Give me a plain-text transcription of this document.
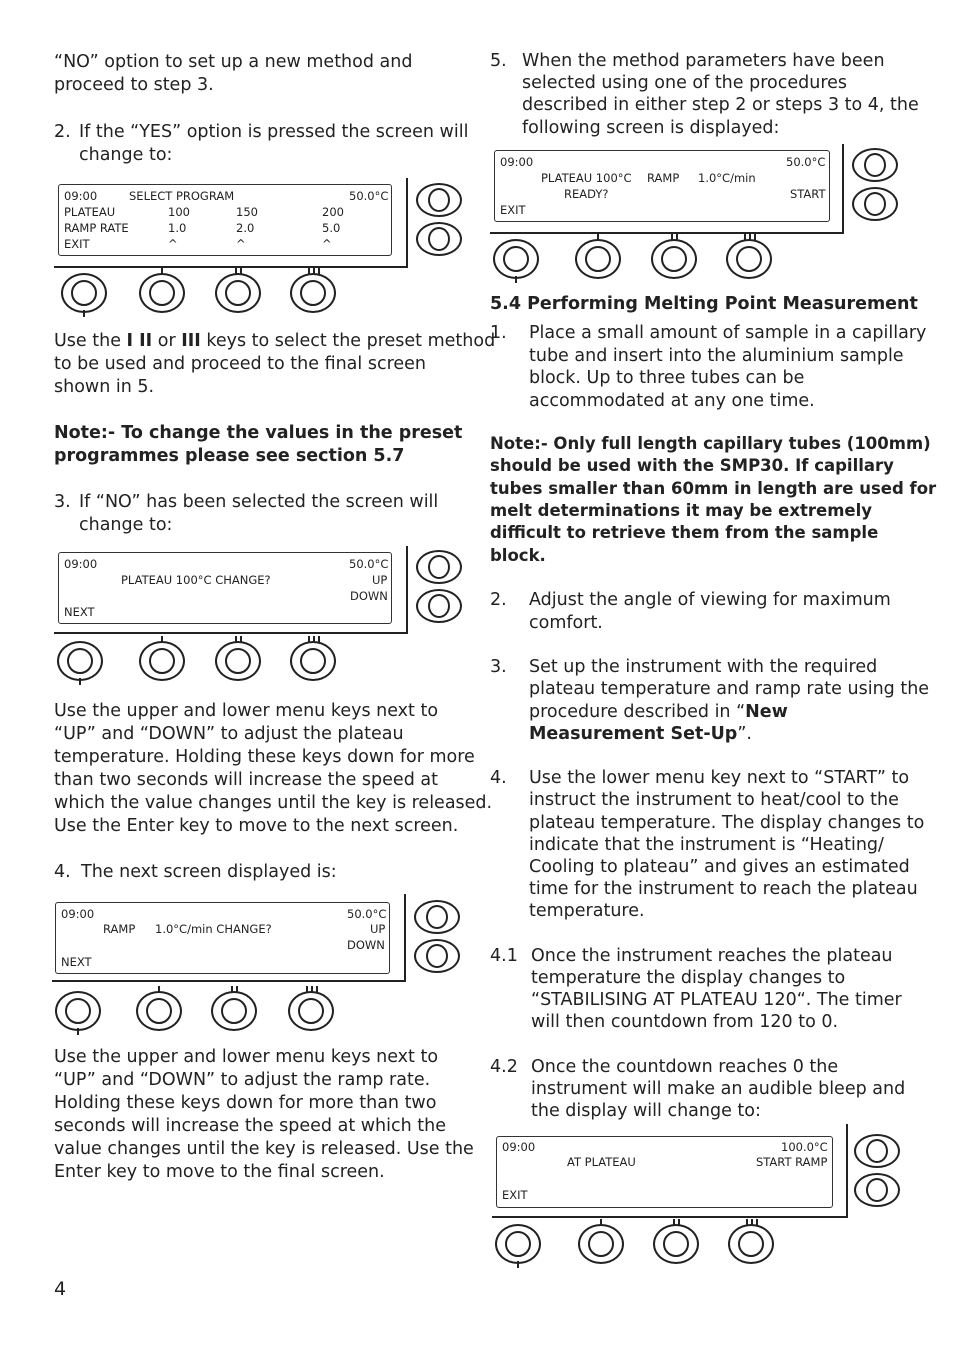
“NO” option to set up a new method and

proceed to step 3.

2. If the “YES” option is pressed the screen will

change to:

09:00	SELECT PROGRAM	50.0°C
PLATEAU	100	150	200
RAMP RATE	1.0	2.0	5.0
EXIT	^	^	^

Use the I II or III keys to select the preset method

to be used and proceed to the final screen

shown in 5.

Note:- To change the values in the preset

programmes please see section 5.7

3. If “NO” has been selected the screen will

change to:

09:00	50.0°C
PLATEAU 100°C CHANGE?	UP
DOWN
NEXT

Use the upper and lower menu keys next to

“UP” and “DOWN” to adjust the plateau

temperature. Holding these keys down for more

than two seconds will increase the speed at

which the value changes until the key is released.

Use the Enter key to move to the next screen.

4. The next screen displayed is:

09:00	50.0°C
RAMP 1.0°C/min CHANGE?	UP
DOWN
NEXT

Use the upper and lower menu keys next to

“UP” and “DOWN” to adjust the ramp rate.

Holding these keys down for more than two

seconds will increase the speed at which the

value changes until the key is released. Use the

Enter key to move to the final screen.

4

5. When the method parameters have been

selected using one of the procedures

described in either step 2 or steps 3 to 4, the

following screen is displayed:

09:00	50.0°C
PLATEAU 100°C RAMP 1.0°C/min
READY?	START
EXIT

5.4 Performing Melting Point Measurement

1. Place a small amount of sample in a capillary

tube and insert into the aluminium sample

block. Up to three tubes can be

accommodated at any one time.

Note:- Only full length capillary tubes (100mm)

should be used with the SMP30. If capillary

tubes smaller than 60mm in length are used for

melt determinations it may be extremely

difficult to retrieve them from the sample

block.

2. Adjust the angle of viewing for maximum

comfort.

3. Set up the instrument with the required

plateau temperature and ramp rate using the

procedure described in “New

Measurement Set-Up”.

4. Use the lower menu key next to “START” to

instruct the instrument to heat/cool to the

plateau temperature. The display changes to

indicate that the instrument is “Heating/

Cooling to plateau” and gives an estimated

time for the instrument to reach the plateau

temperature.

4.1 Once the instrument reaches the plateau

temperature the display changes to

“STABILISING AT PLATEAU 120“. The timer

will then countdown from 120 to 0.

4.2 Once the countdown reaches 0 the

instrument will make an audible bleep and

the display will change to:

09:00	100.0°C
AT PLATEAU	START RAMP
EXIT
